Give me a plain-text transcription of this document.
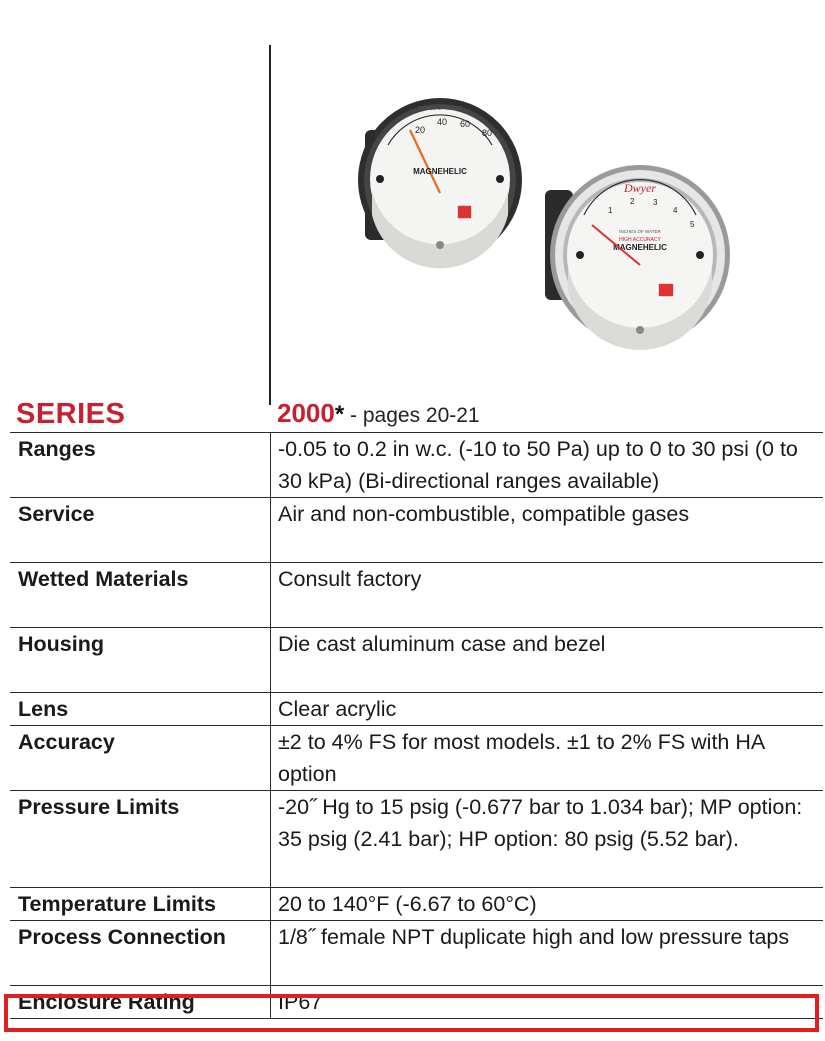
INCHES OF WATER
20
40 60
80
MAGNEHELIC
Dwyer
1
2 3
4
5
INCHES OF WATER
HIGH ACCURACY
MAGNEHELIC
SERIES	2000* - pages 20-21
Ranges	-0.05 to 0.2 in w.c. (-10 to 50 Pa) up to 0 to 30 psi (0 to 30 kPa) (Bi-directional ranges available)
Service	Air and non-combustible, compatible gases
Wetted Materials	Consult factory
Housing	Die cast aluminum case and bezel
Lens	Clear acrylic
Accuracy	±2 to 4% FS for most models. ±1 to 2% FS with HA option
Pressure Limits	-20˝ Hg to 15 psig (-0.677 bar to 1.034 bar); MP option: 35 psig (2.41 bar); HP option: 80 psig (5.52 bar).
Temperature Limits	20 to 140°F (-6.67 to 60°C)
Process Connection	1/8˝ female NPT duplicate high and low pressure taps
Enclosure Rating	IP67
